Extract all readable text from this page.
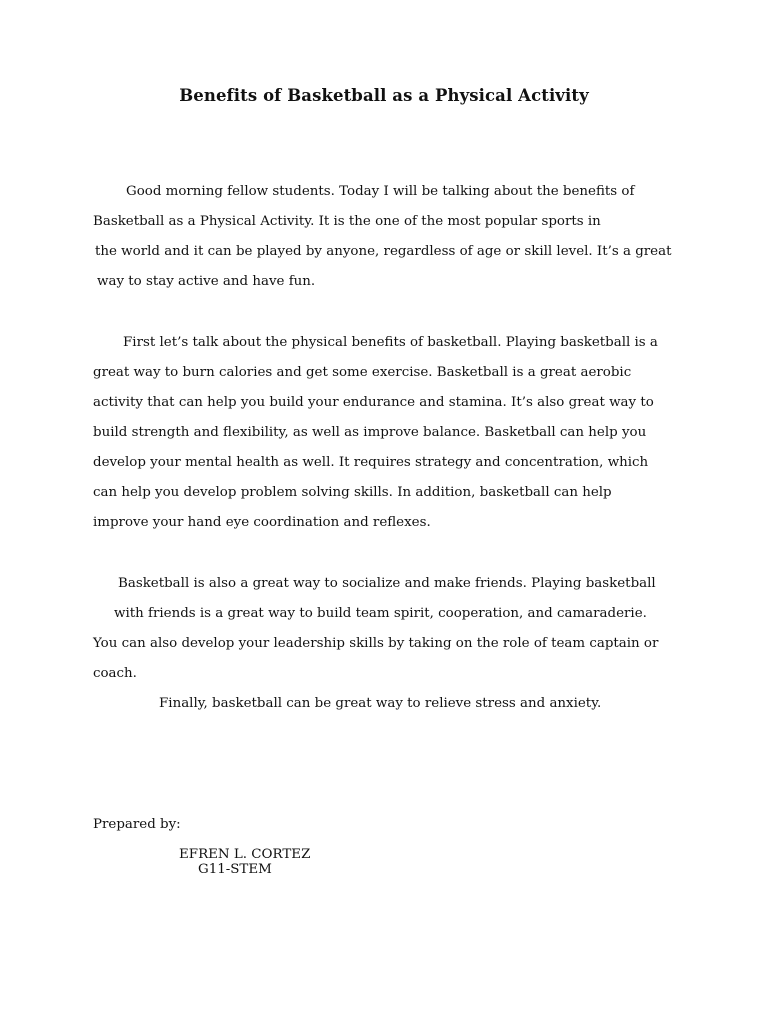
Benefits of Basketball as a Physical Activity
Good morning fellow students. Today I will be talking about the benefits of
Basketball as a Physical Activity. It is the one of the most popular sports in
the world and it can be played by anyone, regardless of age or skill level. It’s a great
way to stay active and have fun.
First let’s talk about the physical benefits of basketball. Playing basketball is a
great way to burn calories and get some exercise. Basketball is a great aerobic
activity that can help you build your endurance and stamina. It’s also great way to
build strength and flexibility, as well as improve balance. Basketball can help you
develop your mental health as well. It requires strategy and concentration, which
can help you develop problem solving skills. In addition, basketball can help
improve your hand eye coordination and reflexes.
Basketball is also a great way to socialize and make friends. Playing basketball
with friends is a great way to build team spirit, cooperation, and camaraderie.
You can also develop your leadership skills by taking on the role of team captain or
coach.
Finally, basketball can be great way to relieve stress and anxiety.
Prepared by:
EFREN L. CORTEZ
G11-STEM
